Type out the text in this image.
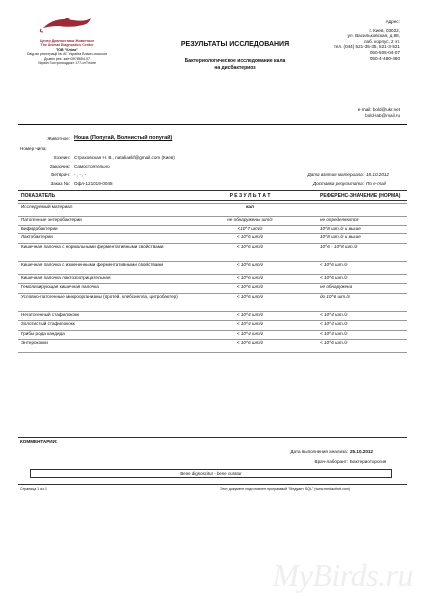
Центр Диагностики Животных
The Animal Diagnostics Center
ТОВ "Кліла"
Свід-во реєстрації № АГ Україна Власн-ооссоон
Дозвіл реє. кинт3978654-07
Україн Гостроноцдокт 177-отТлоне
РЕЗУЛЬТАТЫ ИССЛЕДОВАНИЯ
Бактериологическое исследование кала
на дисбактериоз
Адрес:
г. Киев, 03022,
ул. Васильковская, д.98,
лаб. корпус, 2 эт.
тел. (044) 521-35-35, 521-3-521
050-505-04-07
050-4-480-480
e-mail: bold@ukr.net
bold-lab@mail.ru
Животное: Ноша (Попугай, Волнистый попугай)
Номер чипа:
Хозяин: Страховская Н. В., nataliaelif@gmail.com (Киев)
Заказчик: Самостоятельно
Ветврач: - , - , -
Заказ №: Офл-121019-0048
Дата взятия материала: 18.10.2012
Доставка результата: По e-mail
ПОКАЗАТЕЛЬ	Р Е З У Л Ь Т А Т	РЕФЕРЕНС-ЗНАЧЕНИЕ (НОРМА)
Исследуемый материал	кал
Патогенные энтеробактерии	не обнаружены шт/г	не определяются
Бифидобактерии	<10^7 шт/г	10^8 шт./г и выше
Лактобактерии	< 10^6 шт/г	10^8 шт./г и выше
Кишечная палочка с нормальными ферментативными свойствами	< 10^6 шт/г	10^6 - 10^8 шт./г
Кишечная палочка с измененными ферментативными свойствами	< 10^6 шт/г	< 10^6 шт./г
Кишечная палочка лактозоотрицательная	< 10^6 шт/г	< 10^6 шт./г
Гемолизирующая кишечная палочка	< 10^6 шт/г	не обнаружена
Условно-патогенные микроорганизмы (протей, клебсиелла, цитробактер)	< 10^6 шт/г	до 10^6 шт./г
Негатогенный стафилококк	< 10^4 шт/г	< 10^4 шт./г
Золотистый стафилококк	< 10^4 шт/г	< 10^4 шт./г
Грибы рода кандида	< 10^4 шт/г	< 10^4 шт./г
Энтерококки	< 10^6 шт/г	< 10^6 шт./г
КОММЕНТАРИИ:
Дата выполнения анализа: 25.10.2012
Врач-лаборант: Бактериоторогия
Bene dignoscitur - bene curatur
Страница 1 из 1	Этот документ подготовлен программой "Медуант SQL" (www.medauthet.com)
MyBirds.ru
